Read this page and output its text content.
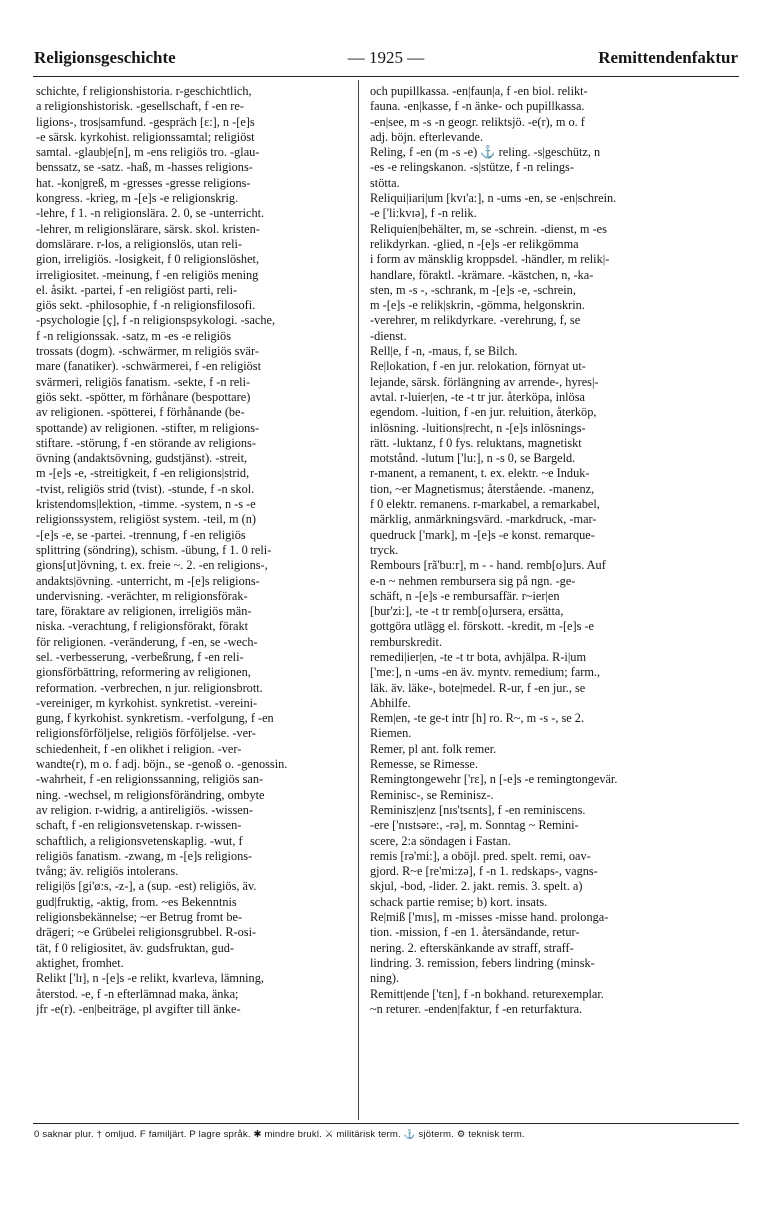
Religionsgeschichte	— 1925 —	Remittendenfaktur
schichte, f religionshistoria. r-geschichtlich,
a religionshistorisk. -gesellschaft, f -en re-
ligions-, tros|samfund. -gespräch [ɛ:], n -[e]s
-e särsk. kyrkohist. religionssamtal; religiöst
samtal. -glaub|e[n], m -ens religiös tro. -glau-
benssatz, se -satz. -haß, m -hasses religions-
hat. -kon|greß, m -gresses -gresse religions-
kongress. -krieg, m -[e]s -e religionskrig.
-lehre, f 1. -n religionslära. 2. 0, se -unterricht.
-lehrer, m religionslärare, särsk. skol. kristen-
domslärare. r-los, a religionslös, utan reli-
gion, irreligiös. -losigkeit, f 0 religionslöshet,
irreligiositet. -meinung, f -en religiös mening
el. åsikt. -partei, f -en religiöst parti, reli-
giös sekt. -philosophie, f -n religionsfilosofi.
-psychologie [ç], f -n religionspsykologi. -sache,
f -n religionssak. -satz, m -es -e religiös
trossats (dogm). -schwärmer, m religiös svär-
mare (fanatiker). -schwärmerei, f -en religiöst
svärmeri, religiös fanatism. -sekte, f -n reli-
giös sekt. -spötter, m förhånare (bespottare)
av religionen. -spötterei, f förhånande (be-
spottande) av religionen. -stifter, m religions-
stiftare. -störung, f -en störande av religions-
övning (andaktsövning, gudstjänst). -streit,
m -[e]s -e, -streitigkeit, f -en religions|strid,
-tvist, religiös strid (tvist). -stunde, f -n skol.
kristendoms|lektion, -timme. -system, n -s -e
religionssystem, religiöst system. -teil, m (n)
-[e]s -e, se -partei. -trennung, f -en religiös
splittring (söndring), schism. -übung, f 1. 0 reli-
gions[ut]övning, t. ex. freie ~. 2. -en religions-,
andakts|övning. -unterricht, m -[e]s religions-
undervisning. -verächter, m religionsförak-
tare, föraktare av religionen, irreligiös män-
niska. -verachtung, f religionsförakt, förakt
för religionen. -veränderung, f -en, se -wech-
sel. -verbesserung, -verbeßrung, f -en reli-
gionsförbättring, reformering av religionen,
reformation. -verbrechen, n jur. religionsbrott.
-vereiniger, m kyrkohist. synkretist. -vereini-
gung, f kyrkohist. synkretism. -verfolgung, f -en
religionsförföljelse, religiös förföljelse. -ver-
schiedenheit, f -en olikhet i religion. -ver-
wandte(r), m o. f adj. böjn., se -genoß o. -genossin.
-wahrheit, f -en religionssanning, religiös san-
ning. -wechsel, m religionsförändring, ombyte
av religion. r-widrig, a antireligiös. -wissen-
schaft, f -en religionsvetenskap. r-wissen-
schaftlich, a religionsvetenskaplig. -wut, f
religiös fanatism. -zwang, m -[e]s religions-
tvång; äv. religiös intolerans.
religi|ös [gi'ø:s, -z-], a (sup. -est) religiös, äv.
gud|fruktig, -aktig, from. ~es Bekenntnis
religionsbekännelse; ~er Betrug fromt be-
drägeri; ~e Grübelei religionsgrubbel. R-osi-
tät, f 0 religiositet, äv. gudsfruktan, gud-
aktighet, fromhet.
Relikt ['lɪ], n -[e]s -e relikt, kvarleva, lämning,
återstod. -e, f -n efterlämnad maka, änka;
jfr -e(r). -en|beiträge, pl avgifter till änke-
och pupillkassa. -en|faun|a, f -en biol. relikt-
fauna. -en|kasse, f -n änke- och pupillkassa.
-en|see, m -s -n geogr. reliktsjö. -e(r), m o. f
adj. böjn. efterlevande.
Reling, f -en (m -s -e) ⚓ reling. -s|geschütz, n
-es -e relingskanon. -s|stütze, f -n relings-
stötta.
Reliqui|iari|um [kvɪ'a:], n -ums -en, se -en|schrein.
-e ['li:kvɪə], f -n relik.
Reliquien|behälter, m, se -schrein. -dienst, m -es
relikdyrkan. -glied, n -[e]s -er relikgömma
i form av mänsklig kroppsdel. -händler, m relik|-
handlare, föraktl. -krämare. -kästchen, n, -ka-
sten, m -s -, -schrank, m -[e]s -e, -schrein,
m -[e]s -e relik|skrin, -gömma, helgonskrin.
-verehrer, m relikdyrkare. -verehrung, f, se
-dienst.
Rell|e, f -n, -maus, f, se Bilch.
Re|lokation, f -en jur. relokation, förnyat ut-
lejande, särsk. förlängning av arrende-, hyres|-
avtal. r-luier|en, -te -t tr jur. återköpa, inlösa
egendom. -luition, f -en jur. reluition, återköp,
inlösning. -luitions|recht, n -[e]s inlösnings-
rätt. -luktanz, f 0 fys. reluktans, magnetiskt
motstånd. -lutum ['lu:], n -s 0, se Bargeld.
r-manent, a remanent, t. ex. elektr. ~e Induk-
tion, ~er Magnetismus; återstående. -manenz,
f 0 elektr. remanens. r-markabel, a remarkabel,
märklig, anmärkningsvärd. -markdruck, -mar-
quedruck ['mark], m -[e]s -e konst. remarque-
tryck.
Rembours [rã'bu:r], m - - hand. remb[o]urs. Auf
e-n ~ nehmen rembursera sig på ngn. -ge-
schäft, n -[e]s -e rembursaffär. r~ier|en
[bur'zi:], -te -t tr remb[o]ursera, ersätta,
gottgöra utlägg el. förskott. -kredit, m -[e]s -e
remburskredit.
remedi|ier|en, -te -t tr bota, avhjälpa. R-i|um
['me:], n -ums -en äv. myntv. remedium; farm.,
läk. äv. läke-, bote|medel. R-ur, f -en jur., se
Abhilfe.
Rem|en, -te ge-t intr [h] ro. R~, m -s -, se 2.
Riemen.
Remer, pl ant. folk remer.
Remesse, se Rimesse.
Remingtongewehr ['rɛ], n [-e]s -e remingtongevär.
Reminisc-, se Reminisz-.
Reminisz|enz [nɪs'tsɛnts], f -en reminiscens.
-ere ['nɪstsəre:, -rə], m. Sonntag ~ Remini-
scere, 2:a söndagen i Fastan.
remis [rə'mi:], a oböjl. pred. spelt. remi, oav-
gjord. R~e [re'mi:zə], f -n 1. redskaps-, vagns-
skjul, -bod, -lider. 2. jakt. remis. 3. spelt. a)
schack partie remise; b) kort. insats.
Re|miß ['mɪs], m -misses -misse hand. prolonga-
tion. -mission, f -en 1. återsändande, retur-
nering. 2. efterskänkande av straff, straff-
lindring. 3. remission, febers lindring (minsk-
ning).
Remitt|ende ['tɛn], f -n bokhand. returexemplar.
~n returer. -enden|faktur, f -en returfaktura.
0 saknar plur. † omljud. F familjärt. P lagre språk. ✱ mindre brukl. ⚔ militärisk term. ⚓ sjöterm. ⚙ teknisk term.
